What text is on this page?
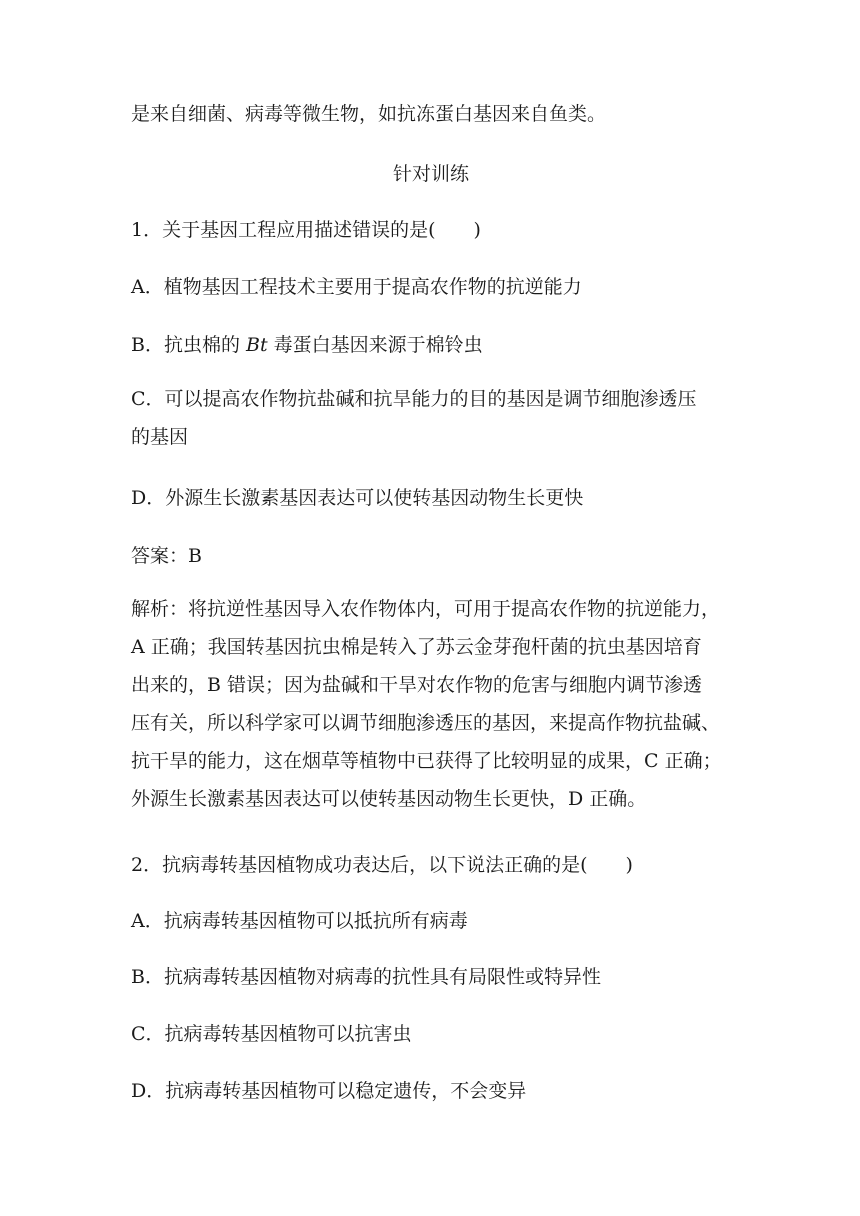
是来自细菌、病毒等微生物，如抗冻蛋白基因来自鱼类。
针对训练
1．关于基因工程应用描述错误的是(　　)
A．植物基因工程技术主要用于提高农作物的抗逆能力
B．抗虫棉的 Bt 毒蛋白基因来源于棉铃虫
C．可以提高农作物抗盐碱和抗旱能力的目的基因是调节细胞渗透压
的基因
D．外源生长激素基因表达可以使转基因动物生长更快
答案：B
解析：将抗逆性基因导入农作物体内，可用于提高农作物的抗逆能力，
A 正确；我国转基因抗虫棉是转入了苏云金芽孢杆菌的抗虫基因培育
出来的，B 错误；因为盐碱和干旱对农作物的危害与细胞内调节渗透
压有关，所以科学家可以调节细胞渗透压的基因，来提高作物抗盐碱、
抗干旱的能力，这在烟草等植物中已获得了比较明显的成果，C 正确；
外源生长激素基因表达可以使转基因动物生长更快，D 正确。
2．抗病毒转基因植物成功表达后，以下说法正确的是(　　)
A．抗病毒转基因植物可以抵抗所有病毒
B．抗病毒转基因植物对病毒的抗性具有局限性或特异性
C．抗病毒转基因植物可以抗害虫
D．抗病毒转基因植物可以稳定遗传，不会变异
